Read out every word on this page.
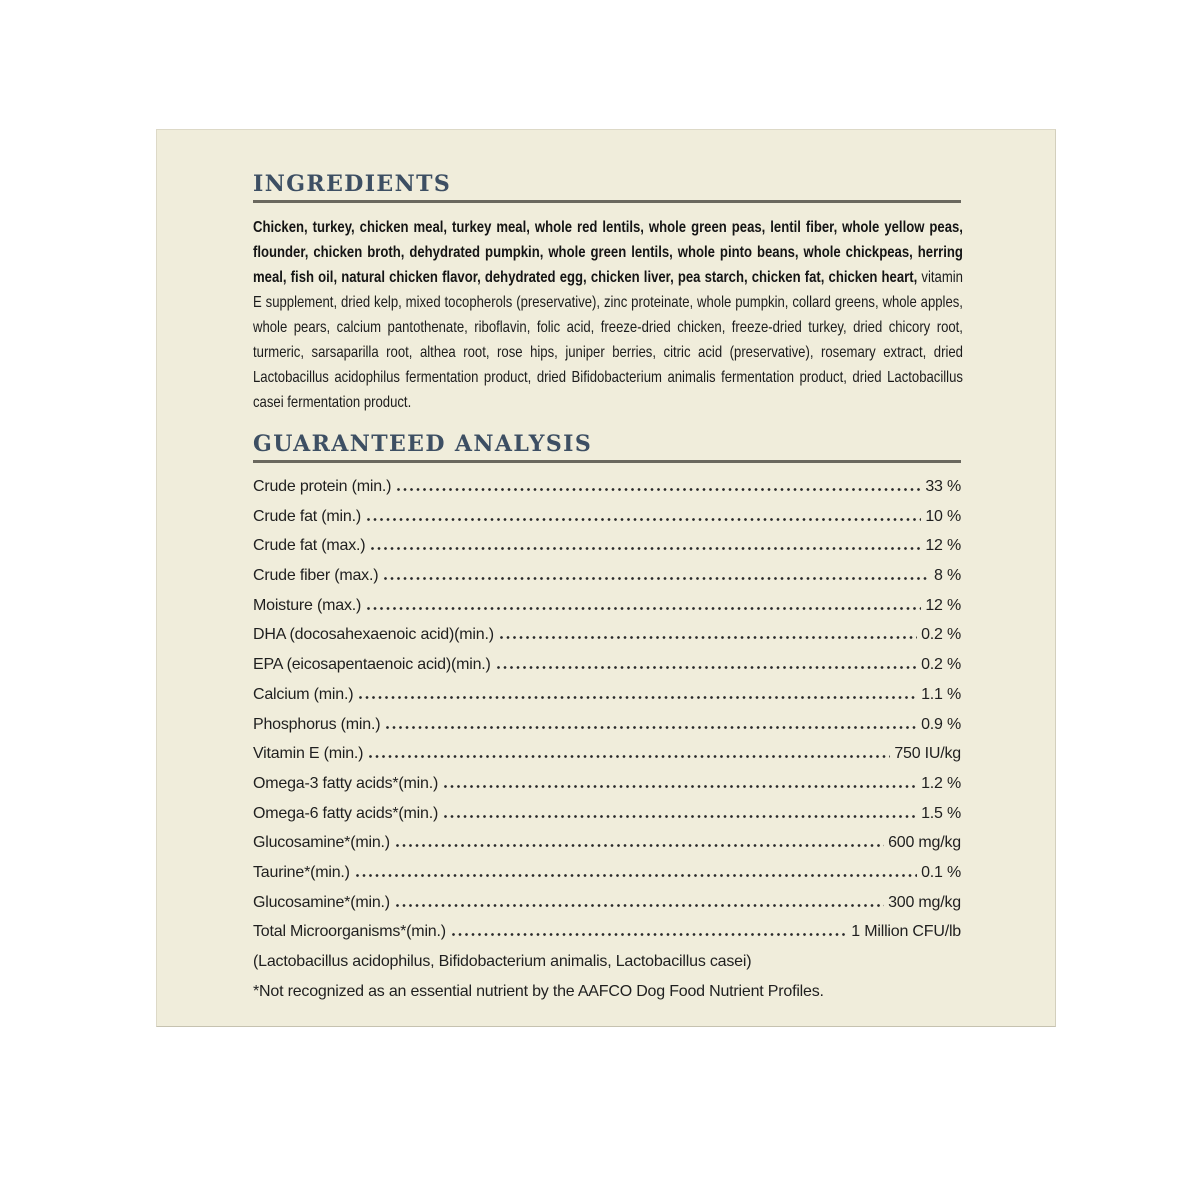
INGREDIENTS

Chicken, turkey, chicken meal, turkey meal, whole red lentils, whole green peas, lentil fiber, whole yellow peas, flounder, chicken broth, dehydrated pumpkin, whole green lentils, whole pinto beans, whole chickpeas, herring meal, fish oil, natural chicken flavor, dehydrated egg, chicken liver, pea starch, chicken fat, chicken heart, vitamin E supplement, dried kelp, mixed tocopherols (preservative), zinc proteinate, whole pumpkin, collard greens, whole apples, whole pears, calcium pantothenate, riboflavin, folic acid, freeze-dried chicken, freeze-dried turkey, dried chicory root, turmeric, sarsaparilla root, althea root, rose hips, juniper berries, citric acid (preservative), rosemary extract, dried Lactobacillus acidophilus fermentation product, dried Bifidobacterium animalis fermentation product, dried Lactobacillus casei fermentation product.

GUARANTEED ANALYSIS
Crude protein (min.)	33 %
Crude fat (min.)	10 %
Crude fat (max.)	12 %
Crude fiber (max.)	8 %
Moisture (max.)	12 %
DHA (docosahexaenoic acid)(min.)	0.2 %
EPA (eicosapentaenoic acid)(min.)	0.2 %
Calcium (min.)	1.1 %
Phosphorus (min.)	0.9 %
Vitamin E (min.)	750 IU/kg
Omega-3 fatty acids*(min.)	1.2 %
Omega-6 fatty acids*(min.)	1.5 %
Glucosamine*(min.)	600 mg/kg
Taurine*(min.)	0.1 %
Glucosamine*(min.)	300 mg/kg
Total Microorganisms*(min.)	1 Million CFU/lb
(Lactobacillus acidophilus, Bifidobacterium animalis, Lactobacillus casei)
*Not recognized as an essential nutrient by the AAFCO Dog Food Nutrient Profiles.
